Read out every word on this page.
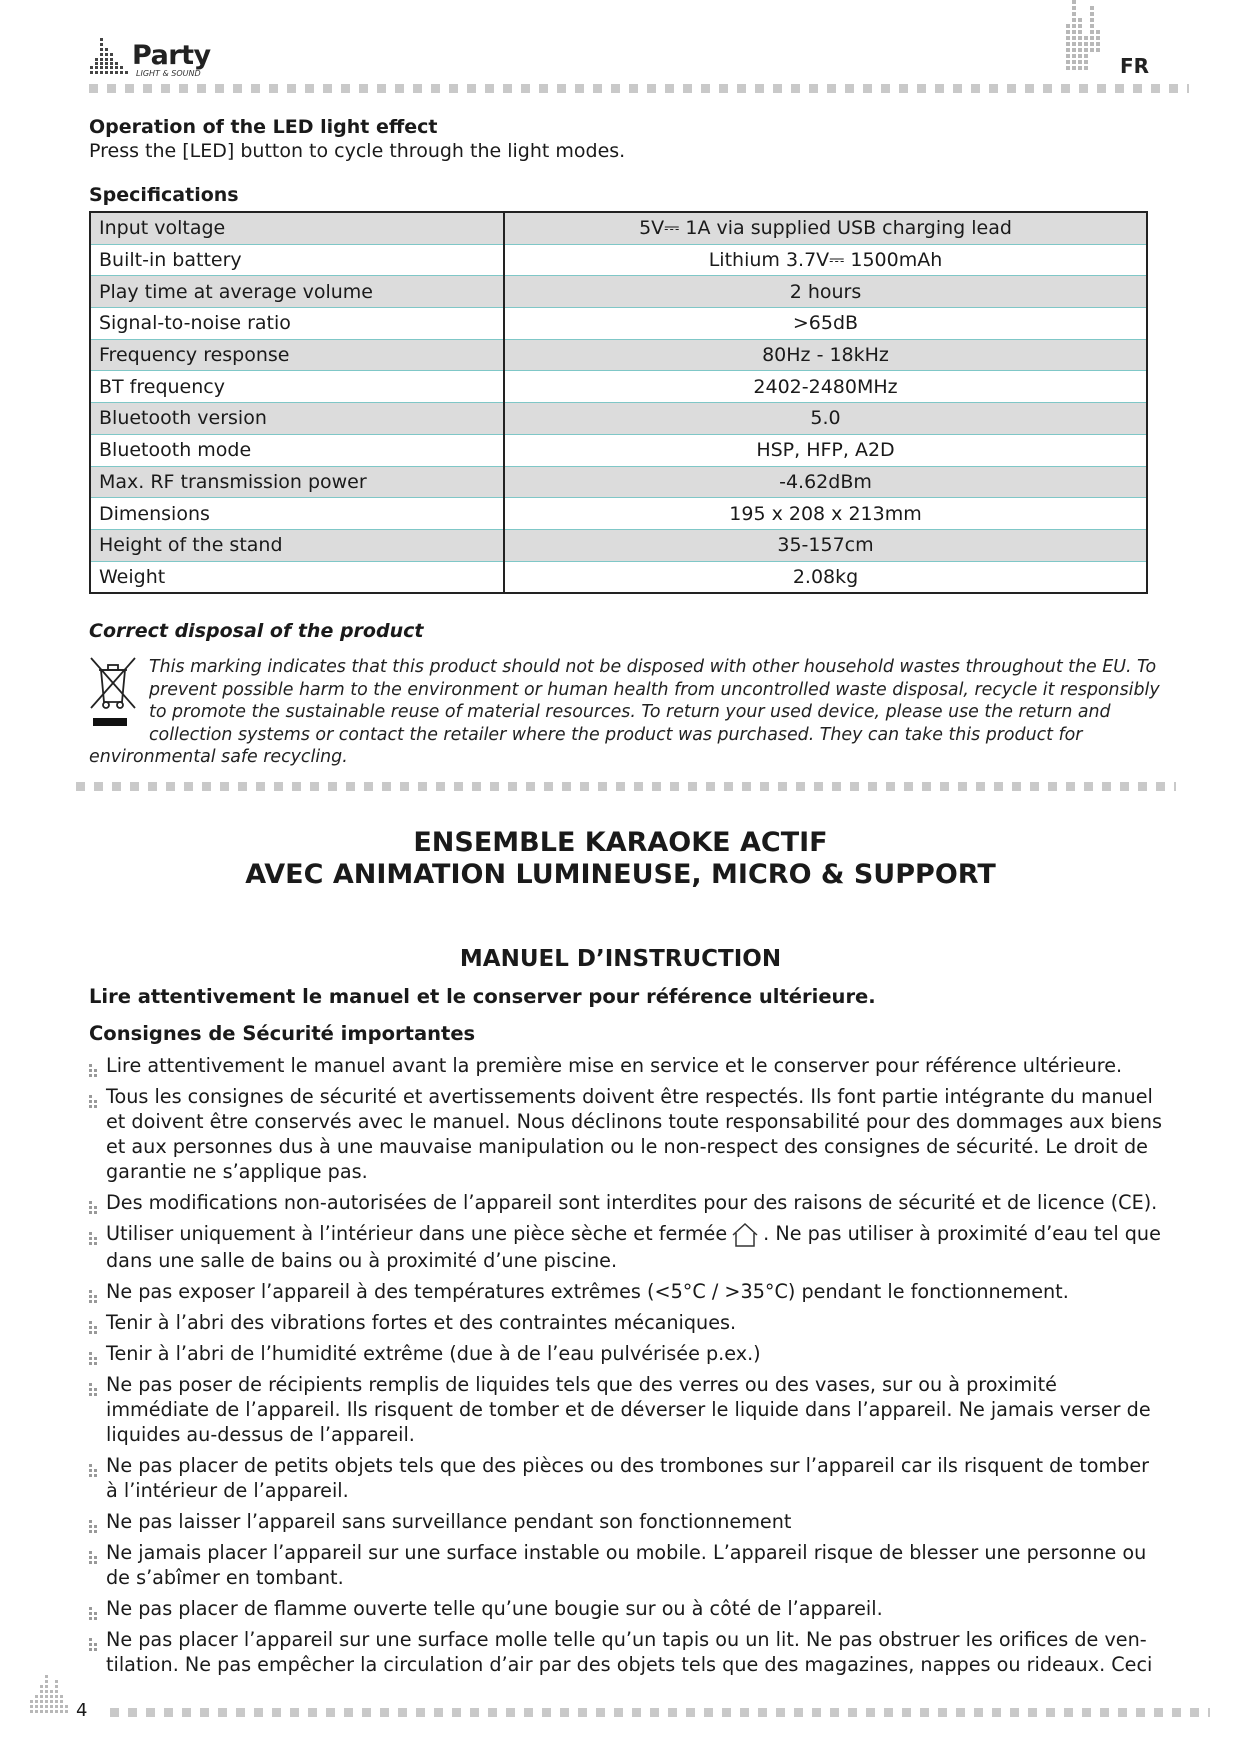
Party
LIGHT & SOUND	FR
Operation of the LED light effect
Press the [LED] button to cycle through the light modes.
Specifications
Input voltage	5V⎓ 1A via supplied USB charging lead
Built-in battery	Lithium 3.7V⎓ 1500mAh
Play time at average volume	2 hours
Signal-to-noise ratio	>65dB
Frequency response	80Hz - 18kHz
BT frequency	2402-2480MHz
Bluetooth version	5.0
Bluetooth mode	HSP, HFP, A2D
Max. RF transmission power	-4.62dBm
Dimensions	195 x 208 x 213mm
Height of the stand	35-157cm
Weight	2.08kg
Correct disposal of the product
This marking indicates that this product should not be disposed with other household wastes throughout the EU. To prevent possible harm to the environment or human health from uncontrolled waste disposal, recycle it responsibly to promote the sustainable reuse of material resources. To return your used device, please use the return and collection systems or contact the retailer where the product was purchased. They can take this product for environmental safe recycling.
ENSEMBLE KARAOKE ACTIF
AVEC ANIMATION LUMINEUSE, MICRO & SUPPORT
MANUEL D’INSTRUCTION
Lire attentivement le manuel et le conserver pour référence ultérieure.
Consignes de Sécurité importantes
Lire attentivement le manuel avant la première mise en service et le conserver pour référence ultérieure.
Tous les consignes de sécurité et avertissements doivent être respectés. Ils font partie intégrante du manuel et doivent être conservés avec le manuel. Nous déclinons toute responsabilité pour des dommages aux biens et aux personnes dus à une mauvaise manipulation ou le non-respect des consignes de sécurité. Le droit de garantie ne s’applique pas.
Des modifications non-autorisées de l’appareil sont interdites pour des raisons de sécurité et de licence (CE).
Utiliser uniquement à l’intérieur dans une pièce sèche et fermée . Ne pas utiliser à proximité d’eau tel que dans une salle de bains ou à proximité d’une piscine.
Ne pas exposer l’appareil à des températures extrêmes (<5°C / >35°C) pendant le fonctionnement.
Tenir à l’abri des vibrations fortes et des contraintes mécaniques.
Tenir à l’abri de l’humidité extrême (due à de l’eau pulvérisée p.ex.)
Ne pas poser de récipients remplis de liquides tels que des verres ou des vases, sur ou à proximité immédiate de l’appareil. Ils risquent de tomber et de déverser le liquide dans l’appareil. Ne jamais verser de liquides au-dessus de l’appareil.
Ne pas placer de petits objets tels que des pièces ou des trombones sur l’appareil car ils risquent de tomber à l’intérieur de l’appareil.
Ne pas laisser l’appareil sans surveillance pendant son fonctionnement
Ne jamais placer l’appareil sur une surface instable ou mobile. L’appareil risque de blesser une personne ou de s’abîmer en tombant.
Ne pas placer de flamme ouverte telle qu’une bougie sur ou à côté de l’appareil.
Ne pas placer l’appareil sur une surface molle telle qu’un tapis ou un lit. Ne pas obstruer les orifices de ven-tilation. Ne pas empêcher la circulation d’air par des objets tels que des magazines, nappes ou rideaux. Ceci
4
